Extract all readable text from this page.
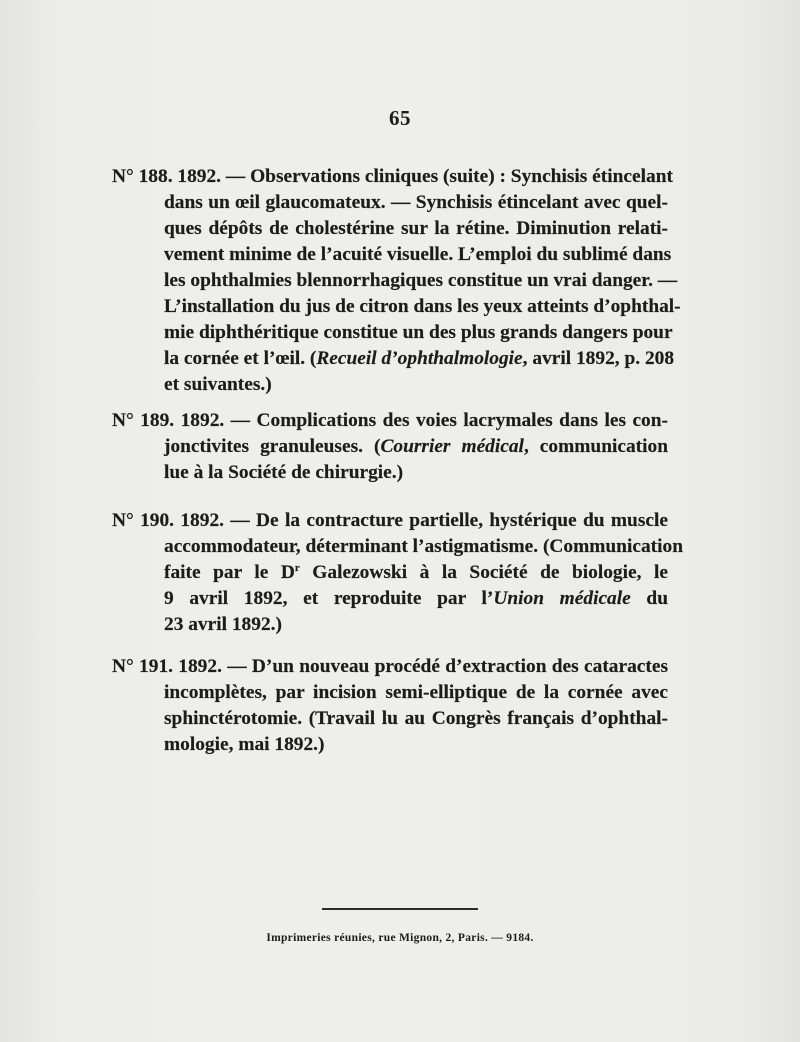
65
N° 188. 1892. — Observations cliniques (suite) : Synchisis étincelant
dans un œil glaucomateux. — Synchisis étincelant avec quel-
ques dépôts de cholestérine sur la rétine. Diminution relati-
vement minime de l’acuité visuelle. L’emploi du sublimé dans
les ophthalmies blennorrhagiques constitue un vrai danger. —
L’installation du jus de citron dans les yeux atteints d’ophthal-
mie diphthéritique constitue un des plus grands dangers pour
la cornée et l’œil. (Recueil d’ophthalmologie, avril 1892, p. 208
et suivantes.)
N° 189. 1892. — Complications des voies lacrymales dans les con-
jonctivites granuleuses. (Courrier médical, communication
lue à la Société de chirurgie.)
N° 190. 1892. — De la contracture partielle, hystérique du muscle
accommodateur, déterminant l’astigmatisme. (Communication
faite par le $D^r$ Galezowski à la Société de biologie, le
9 avril 1892, et reproduite par l’Union médicale du
23 avril 1892.)
N° 191. 1892. — D’un nouveau procédé d’extraction des cataractes
incomplètes, par incision semi-elliptique de la cornée avec
sphinctérotomie. (Travail lu au Congrès français d’ophthal-
mologie, mai 1892.)
Imprimeries réunies, rue Mignon, 2, Paris. — 9184.
